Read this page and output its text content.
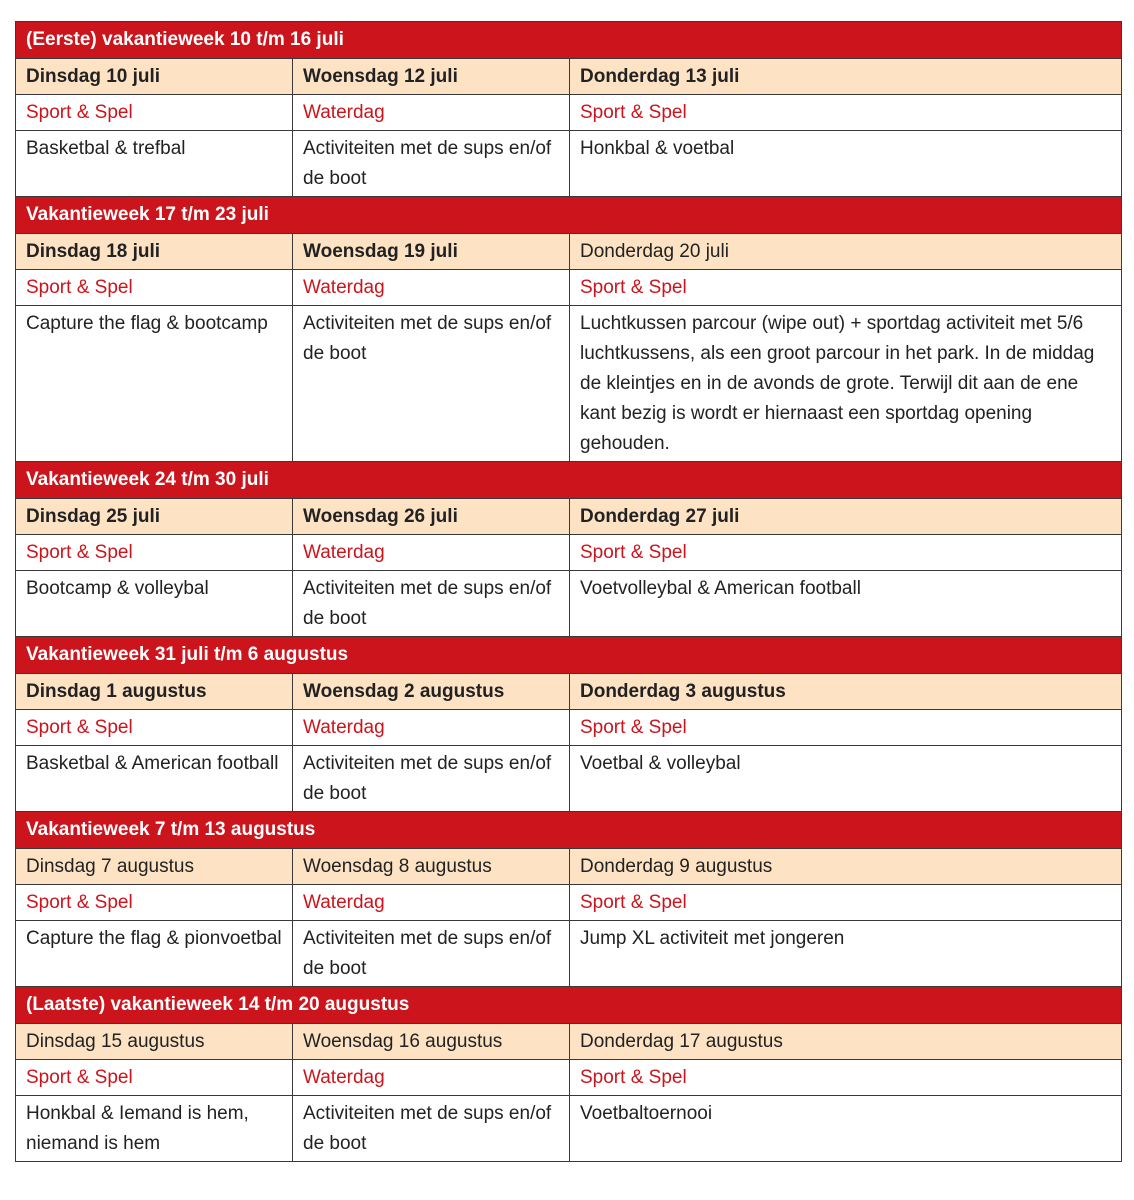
(Eerste) vakantieweek 10 t/m 16 juli		
Dinsdag 10 juli	Woensdag 12 juli	Donderdag 13 juli
Sport & Spel	Waterdag	Sport & Spel
Basketbal & trefbal	Activiteiten met de sups en/of de boot	Honkbal & voetbal
Vakantieweek 17 t/m 23 juli		
Dinsdag 18 juli	Woensdag 19 juli	Donderdag 20 juli
Sport & Spel	Waterdag	Sport & Spel
Capture the flag & bootcamp	Activiteiten met de sups en/of de boot	Luchtkussen parcour (wipe out) + sportdag activiteit met 5/6 luchtkussens, als een groot parcour in het park. In de middag de kleintjes en in de avonds de grote. Terwijl dit aan de ene kant bezig is wordt er hiernaast een sportdag opening gehouden.
Vakantieweek 24 t/m 30 juli		
Dinsdag 25 juli	Woensdag 26 juli	Donderdag 27 juli
Sport & Spel	Waterdag	Sport & Spel
Bootcamp & volleybal	Activiteiten met de sups en/of de boot	Voetvolleybal & American football
Vakantieweek 31 juli t/m 6 augustus		
Dinsdag 1 augustus	Woensdag 2 augustus	Donderdag 3 augustus
Sport & Spel	Waterdag	Sport & Spel
Basketbal & American football	Activiteiten met de sups en/of de boot	Voetbal & volleybal
Vakantieweek 7 t/m 13 augustus		
Dinsdag 7 augustus	Woensdag 8 augustus	Donderdag 9 augustus
Sport & Spel	Waterdag	Sport & Spel
Capture the flag & pionvoetbal	Activiteiten met de sups en/of de boot	Jump XL activiteit met jongeren
(Laatste) vakantieweek 14 t/m 20 augustus		
Dinsdag 15 augustus	Woensdag 16 augustus	Donderdag 17 augustus
Sport & Spel	Waterdag	Sport & Spel
Honkbal & Iemand is hem, niemand is hem	Activiteiten met de sups en/of de boot	Voetbaltoernooi
